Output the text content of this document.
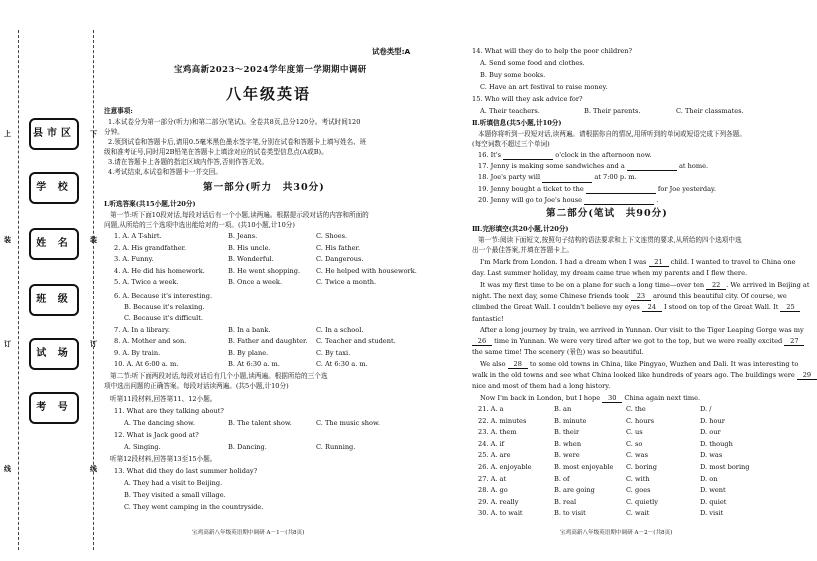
上	下
装	装
订	订
线	线
县市区
学 校
姓 名
班 级
试 场
考 号
试卷类型:A
宝鸡高新2023～2024学年度第一学期期中调研
八年级英语
注意事项:
1.本试卷分为第一部分(听力)和第二部分(笔试)。全卷共8页,总分120分。考试时间120
分钟。
2.领到试卷和答题卡后,请用0.5毫米黑色墨水签字笔,分别在试卷和答题卡上填写姓名、班
级和准考证号,同时用2B铅笔在答题卡上填涂对应的试卷类型信息点(A或B)。
3.请在答题卡上各题的指定区域内作答,否则作答无效。
4.考试结束,本试卷和答题卡一并交回。
第一部分(听力　共30分)
Ⅰ.听选答案(共15小题,计20分)
第一节:听下面10段对话,每段对话后有一个小题,读两遍。根据提示段对话的内容和所面的
问题,从所给的三个选项中选出能给对的一项。(共10小题,计10分)
1. A. A T-shirt.	B. Jeans.	C. Shoes.
2. A. His grandfather.	B. His uncle.	C. His father.
3. A. Funny.	B. Wonderful.	C. Dangerous.
4. A. He did his homework.	B. He went shopping. C. He helped with housework.
5. A. Twice a week.	B. Once a week.	C. Twice a month.
6. A. Because it's interesting.
B. Because it's relaxing.
C. Because it's difficult.
7. A. In a library.	B. In a bank.	C. In a school.
8. A. Mother and son.	B. Father and daughter. C. Teacher and student.
9. A. By train.	B. By plane.	C. By taxi.
10. A. At 6:00 a. m.	B. At 6:30 a. m.	C. At 6:30 a. m.
第二节:听下面两段对话,每段对话后有几个小题,读两遍。根据所给的三个选
项中选出问题的正确答案。每段对话读两遍。(共5小题,计10分)
听第11段材料,回答第11、12小题。
11. What are they talking about?
A. The dancing show.	B. The talent show.	C. The music show.
12. What is Jack good at?
A. Singing.	B. Dancing.	C. Running.
听第12段材料,回答第13至15小题。
13. What did they do last summer holiday?
A. They had a visit to Beijing.
B. They visited a small village.
C. They went camping in the countryside.
宝鸡高新八年级英语期中调研 A－1－(共8页)
14. What will they do to help the poor children?
A. Send some food and clothes.
B. Buy some books.
C. Have an art festival to raise money.
15. Who will they ask advice for?
A. Their teachers.	B. Their parents.	C. Their classmates.
Ⅱ.听填信息(共5小题,计10分)
本题你将听到一段短对话,读两遍。请根据你自的情况,用所听到的单词或短语完成下列各题。
(每空词数不超过三个单词)
16. It's	o'clock in the afternoon now.
17. Jenny is making some sandwiches and a	at home.
18. Joe's party will	at 7:00 p. m.
19. Jenny bought a ticket to the	for Joe yesterday.
20. Jenny will go to Joe's house	.
第二部分(笔试　共90分)
Ⅲ.完形填空(共20小题,计20分)
第一节:阅读下面短文,按照句子结构的语法要求和上下文连贯的要求,从所给的四个选项中选
出一个最佳答案,并填在答题卡上。
I'm Mark from London. I had a dream when I was 21 child. I wanted to travel to China one
day. Last summer holiday, my dream came true when my parents and I flew there.
It was my first time to be on a plane for such a long time—over ten 22 . We arrived in Beijing at
night. The next day, some Chinese friends took 23 around this beautiful city. Of course, we
climbed the Great Wall. I couldn't believe my eyes 24 I stood on top of the Great Wall. It 25
fantastic!
After a long journey by train, we arrived in Yunnan. Our visit to the Tiger Leaping Gorge was my
26 time in Yunnan. We were very tired after we got to the top, but we were really excited 27
the same time! The scenery (景色) was so beautiful.
We also 28 to some old towns in China, like Pingyao, Wuzhen and Dali. It was interesting to
walk in the old towns and see what China looked like hundreds of years ago. The buildings were 29
nice and most of them had a long history.
Now I'm back in London, but I hope 30 China again next time.
21. A. a	B. an	C. the	D. /
22. A. minutes	B. minute	C. hours	D. hour
23. A. them	B. their	C. us	D. our
24. A. if	B. when	C. so	D. though
25. A. are	B. were	C. was	D. was
26. A. enjoyable	B. most enjoyable C. boring	D. most boring
27. A. at	B. of	C. with	D. on
28. A. go	B. are going	C. goes	D. went
29. A. really	B. real	C. quietly	D. quiet
30. A. to wait	B. to visit	C. wait	D. visit
宝鸡高新八年级英语期中调研 A－2－(共8页)
